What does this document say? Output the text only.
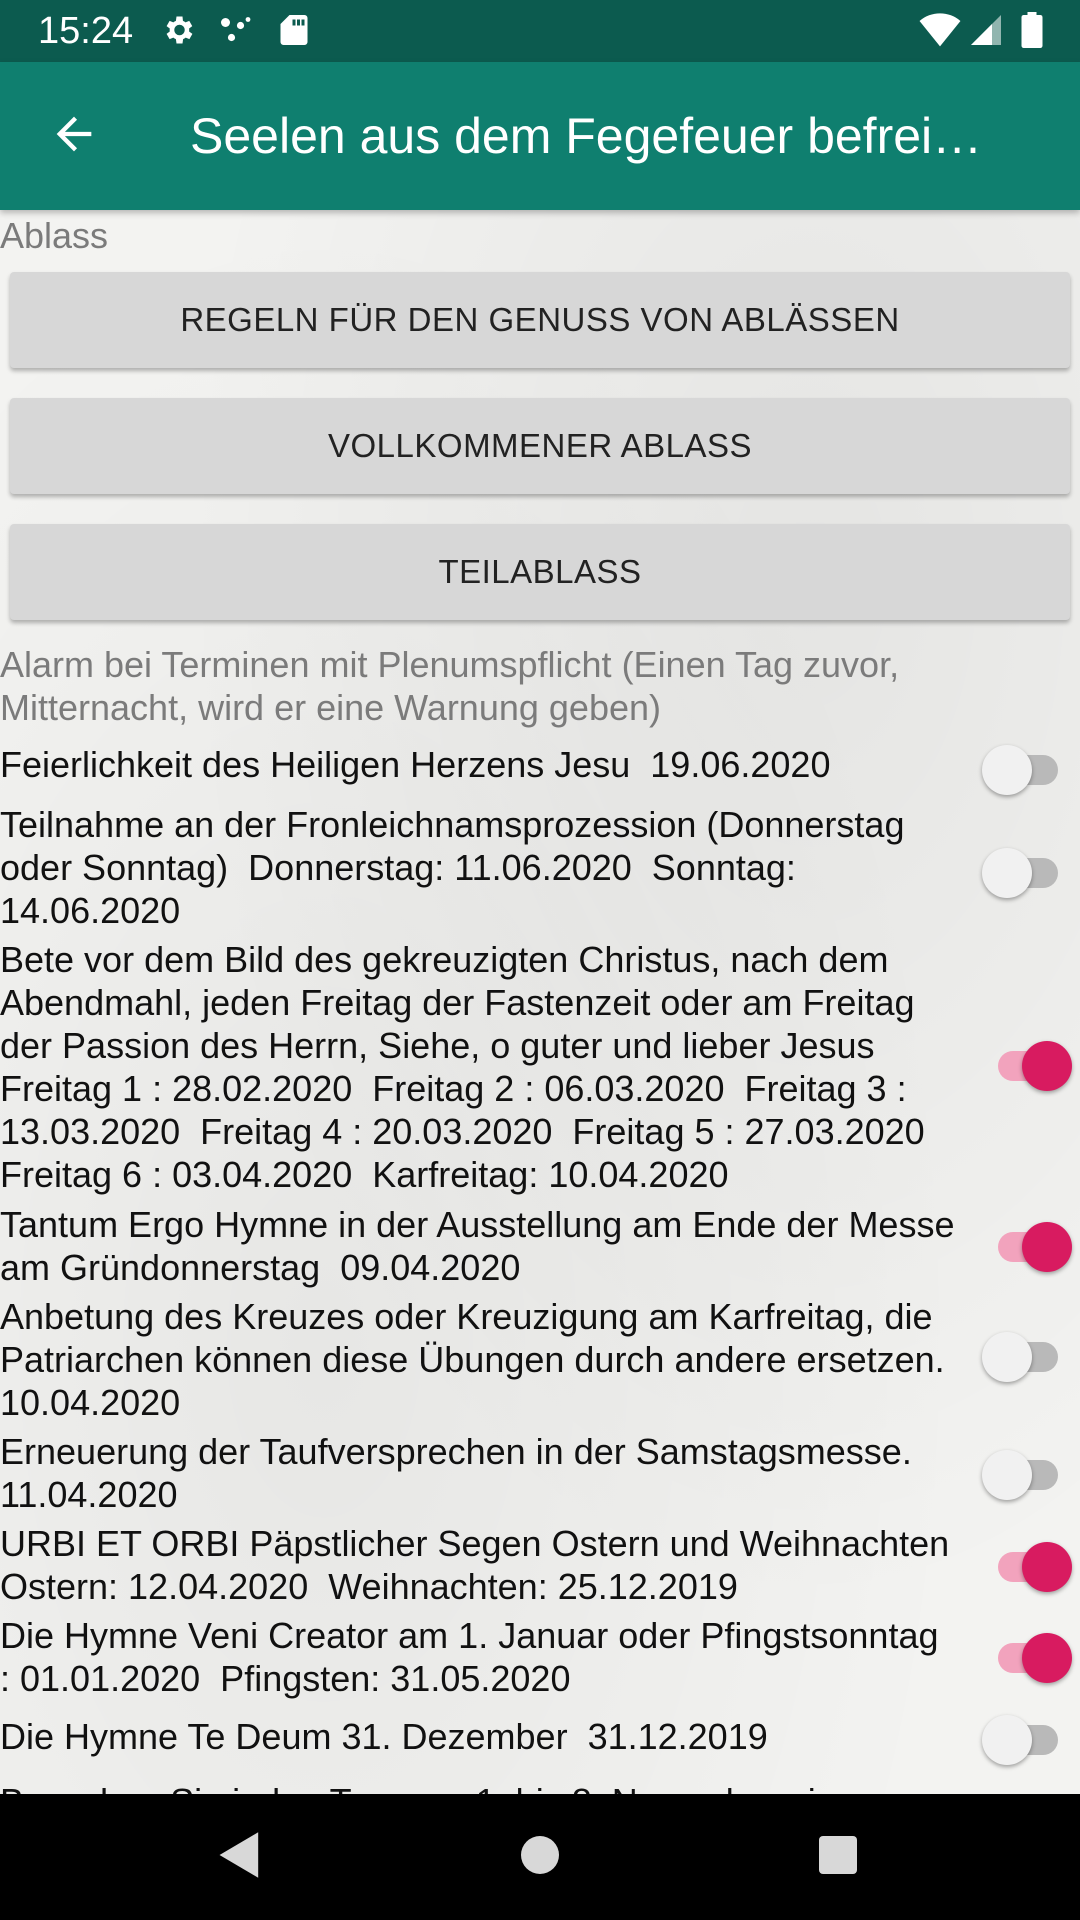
15:24
Seelen aus dem Fegefeuer befrei…
Ablass
REGELN FÜR DEN GENUSS VON ABLÄSSEN
VOLLKOMMENER ABLASS
TEILABLASS
Alarm bei Terminen mit Plenumspflicht (Einen Tag zuvor, Mitternacht, wird er eine Warnung geben)
Feierlichkeit des Heiligen Herzens Jesu  19.06.2020
Teilnahme an der Fronleichnamsprozession (Donnerstag oder Sonntag)  Donnerstag: 11.06.2020  Sonntag: 14.06.2020
Bete vor dem Bild des gekreuzigten Christus, nach dem Abendmahl, jeden Freitag der Fastenzeit oder am Freitag der Passion des Herrn, Siehe, o guter und lieber Jesus
Freitag 1 : 28.02.2020  Freitag 2 : 06.03.2020  Freitag 3 : 13.03.2020  Freitag 4 : 20.03.2020  Freitag 5 : 27.03.2020  Freitag 6 : 03.04.2020  Karfreitag: 10.04.2020
Tantum Ergo Hymne in der Ausstellung am Ende der Messe am Gründonnerstag  09.04.2020
Anbetung des Kreuzes oder Kreuzigung am Karfreitag, die Patriarchen können diese Übungen durch andere ersetzen.
10.04.2020
Erneuerung der Taufversprechen in der Samstagsmesse.
11.04.2020
URBI ET ORBI Päpstlicher Segen Ostern und Weihnachten
Ostern: 12.04.2020  Weihnachten: 25.12.2019
Die Hymne Veni Creator am 1. Januar oder Pfingstsonntag  : 01.01.2020  Pfingsten: 31.05.2020
Die Hymne Te Deum 31. Dezember  31.12.2019
